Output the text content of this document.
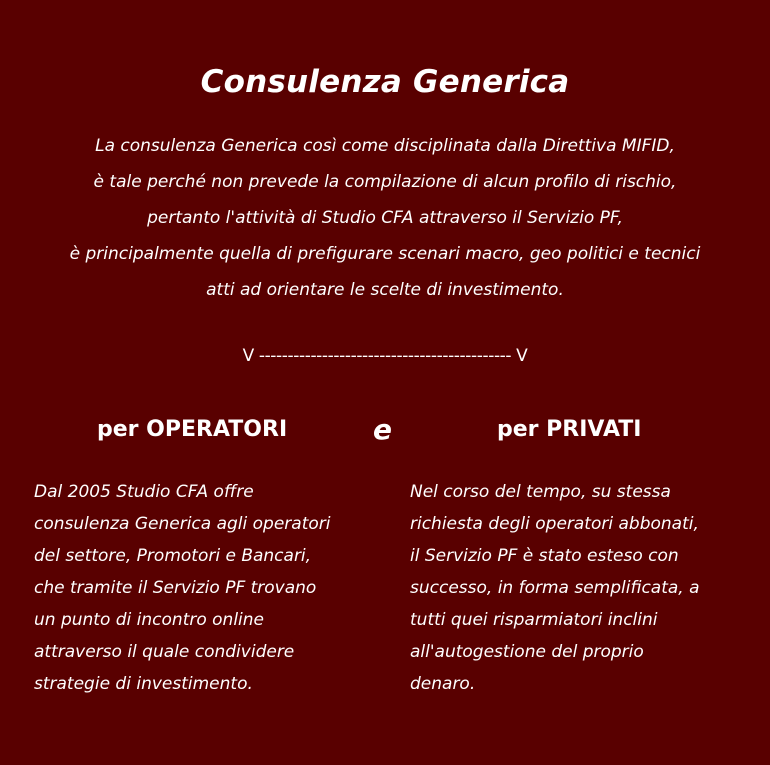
Consulenza Generica
La consulenza Generica così come disciplinata dalla Direttiva MIFID,
è tale perché non prevede la compilazione di alcun profilo di rischio,
pertanto l'attività di Studio CFA attraverso il Servizio PF,
è principalmente quella di prefigurare scenari macro, geo politici e tecnici
atti ad orientare le scelte di investimento.
V -------------------------------------------- V
per OPERATORI	e	per PRIVATI
Dal 2005 Studio CFA offre
consulenza Generica agli operatori
del settore, Promotori e Bancari,
che tramite il Servizio PF trovano
un punto di incontro online
attraverso il quale condividere
strategie di investimento.
Nel corso del tempo, su stessa
richiesta degli operatori abbonati,
il Servizio PF è stato esteso con
successo, in forma semplificata, a
tutti quei risparmiatori inclini
all'autogestione del proprio
denaro.
